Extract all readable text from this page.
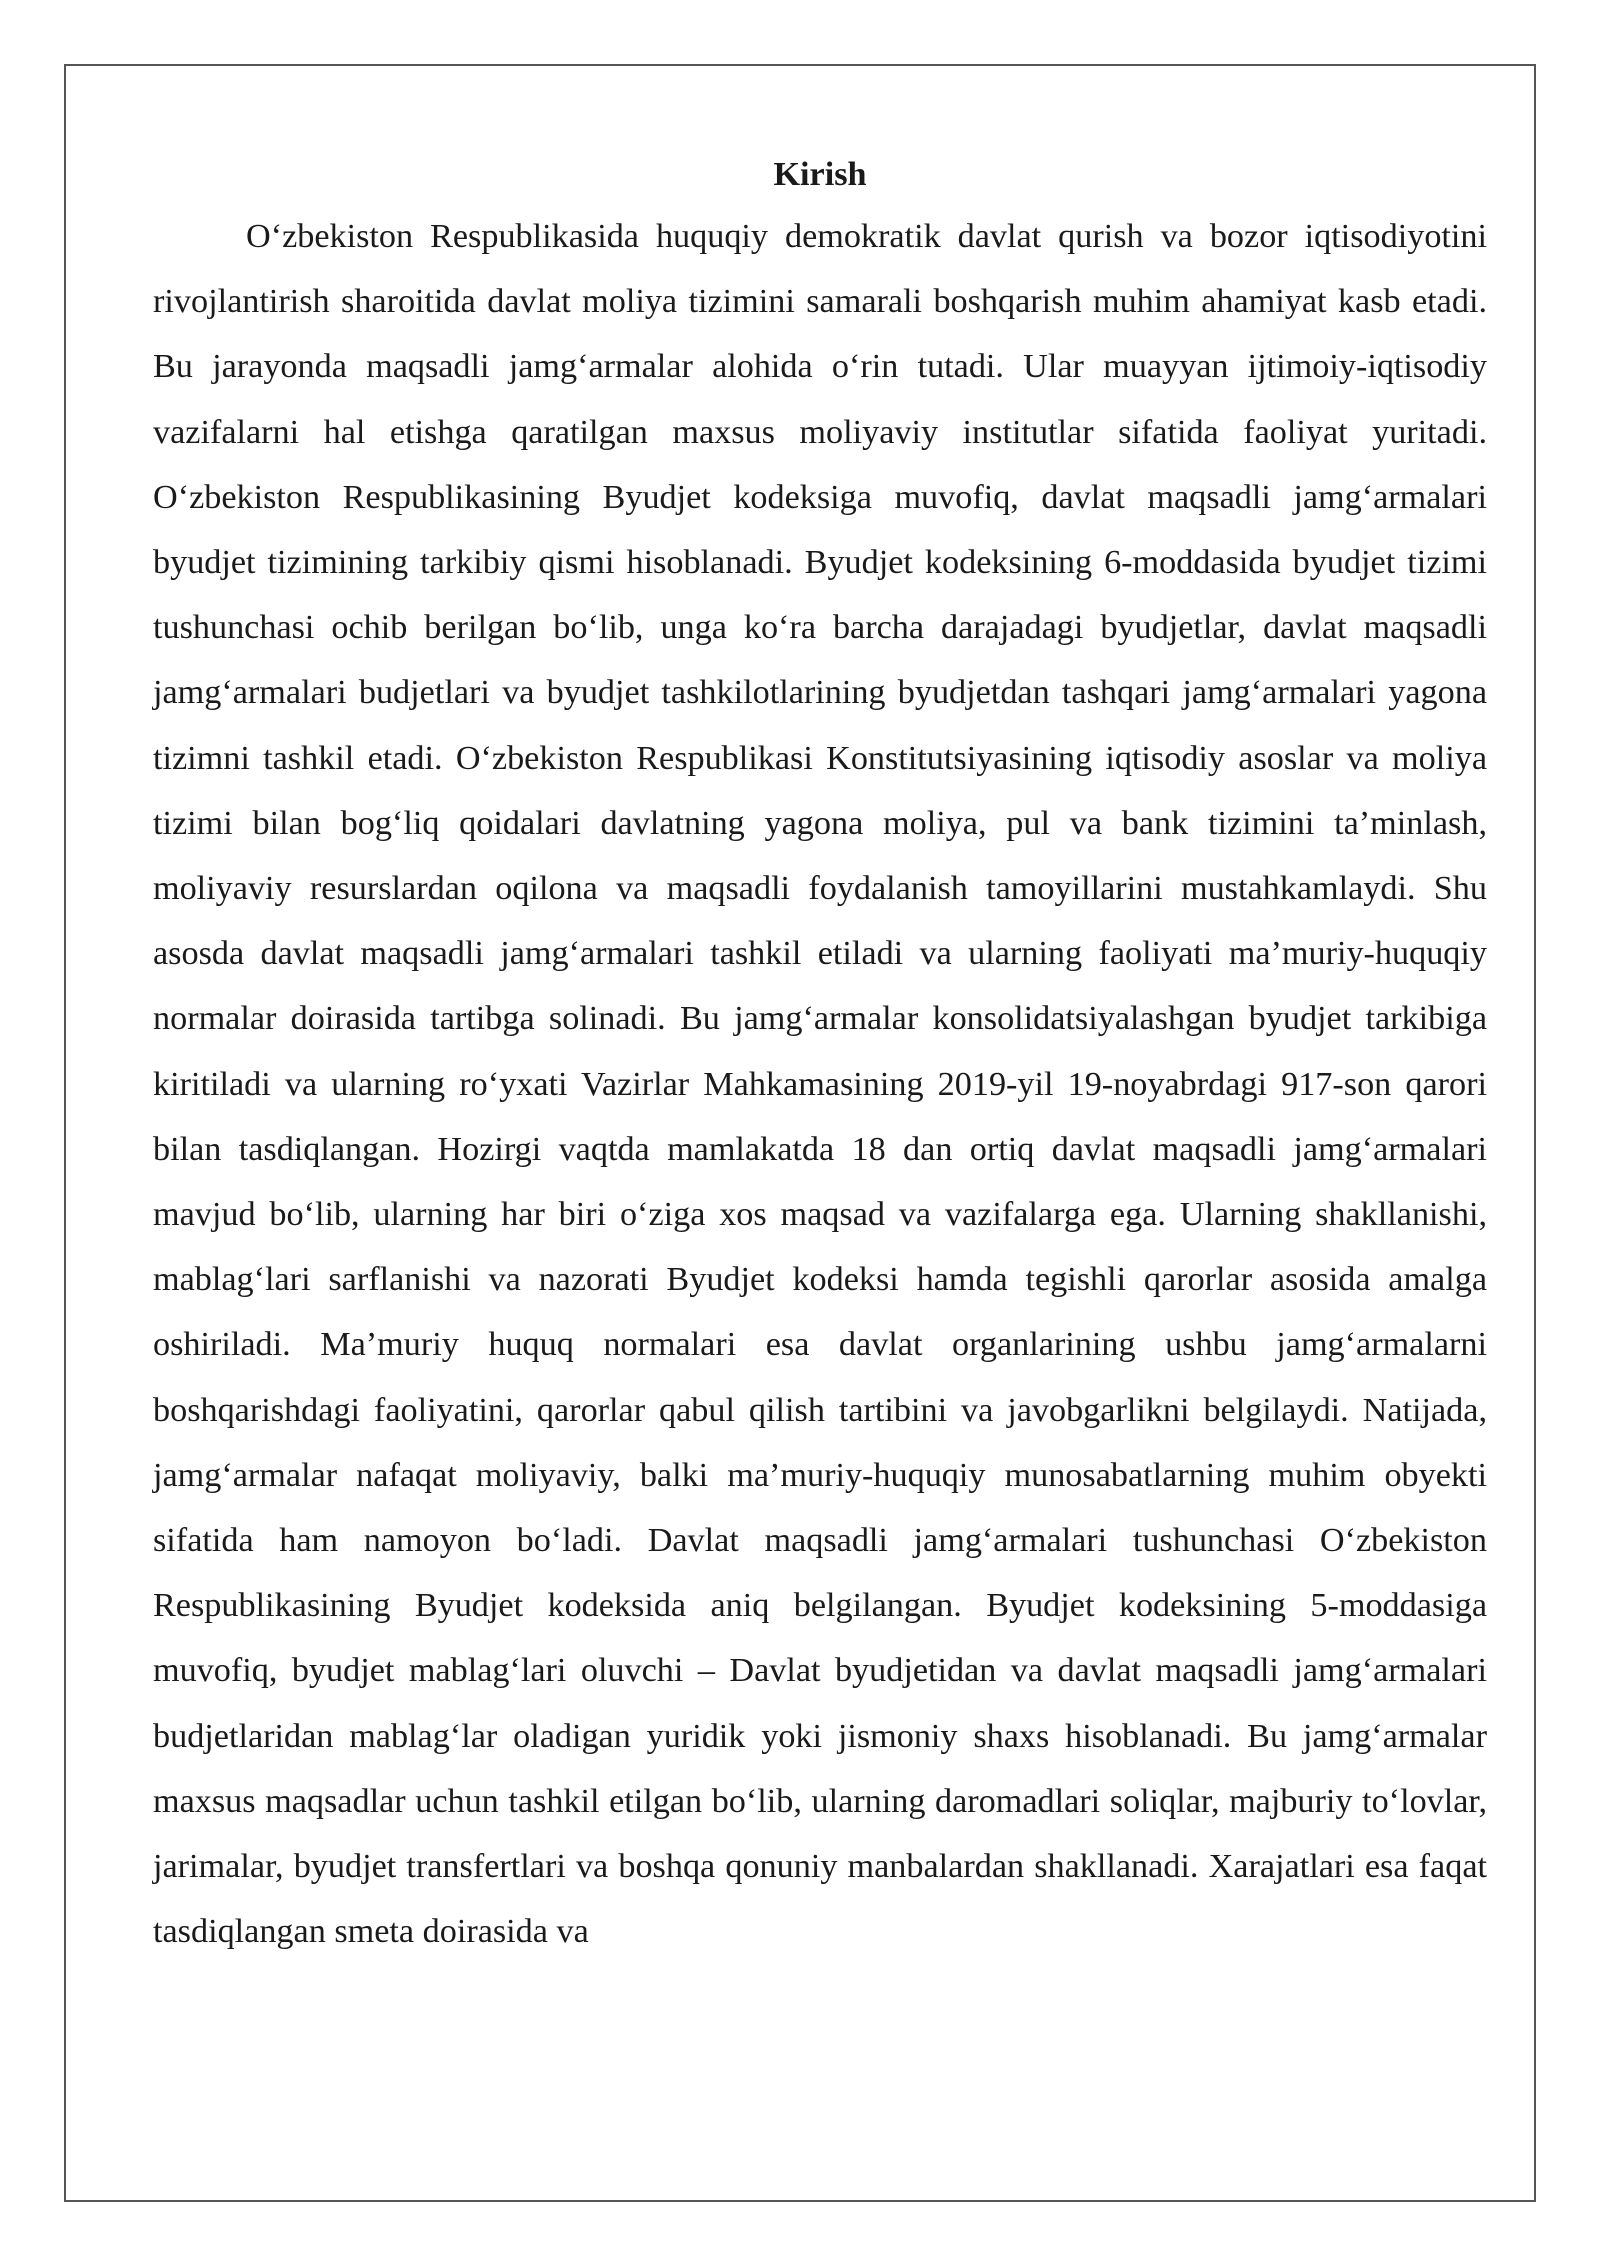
Kirish

O‘zbekiston Respublikasida huquqiy demokratik davlat qurish va bozor iqtisodiyotini rivojlantirish sharoitida davlat moliya tizimini samarali boshqarish muhim ahamiyat kasb etadi. Bu jarayonda maqsadli jamg‘armalar alohida o‘rin tutadi. Ular muayyan ijtimoiy-iqtisodiy vazifalarni hal etishga qaratilgan maxsus moliyaviy institutlar sifatida faoliyat yuritadi. O‘zbekiston Respublikasining Byudjet kodeksiga muvofiq, davlat maqsadli jamg‘armalari byudjet tizimining tarkibiy qismi hisoblanadi. Byudjet kodeksining 6-moddasida byudjet tizimi tushunchasi ochib berilgan bo‘lib, unga ko‘ra barcha darajadagi byudjetlar, davlat maqsadli jamg‘armalari budjetlari va byudjet tashkilotlarining byudjetdan tashqari jamg‘armalari yagona tizimni tashkil etadi. O‘zbekiston Respublikasi Konstitutsiyasining iqtisodiy asoslar va moliya tizimi bilan bog‘liq qoidalari davlatning yagona moliya, pul va bank tizimini ta’minlash, moliyaviy resurslardan oqilona va maqsadli foydalanish tamoyillarini mustahkamlaydi. Shu asosda davlat maqsadli jamg‘armalari tashkil etiladi va ularning faoliyati ma’muriy-huquqiy normalar doirasida tartibga solinadi. Bu jamg‘armalar konsolidatsiyalashgan byudjet tarkibiga kiritiladi va ularning ro‘yxati Vazirlar Mahkamasining 2019-yil 19-noyabrdagi 917-son qarori bilan tasdiqlangan. Hozirgi vaqtda mamlakatda 18 dan ortiq davlat maqsadli jamg‘armalari mavjud bo‘lib, ularning har biri o‘ziga xos maqsad va vazifalarga ega. Ularning shakllanishi, mablag‘lari sarflanishi va nazorati Byudjet kodeksi hamda tegishli qarorlar asosida amalga oshiriladi. Ma’muriy huquq normalari esa davlat organlarining ushbu jamg‘armalarni boshqarishdagi faoliyatini, qarorlar qabul qilish tartibini va javobgarlikni belgilaydi. Natijada, jamg‘armalar nafaqat moliyaviy, balki ma’muriy-huquqiy munosabatlarning muhim obyekti sifatida ham namoyon bo‘ladi. Davlat maqsadli jamg‘armalari tushunchasi O‘zbekiston Respublikasining Byudjet kodeksida aniq belgilangan. Byudjet kodeksining 5-moddasiga muvofiq, byudjet mablag‘lari oluvchi – Davlat byudjetidan va davlat maqsadli jamg‘armalari budjetlaridan mablag‘lar oladigan yuridik yoki jismoniy shaxs hisoblanadi. Bu jamg‘armalar maxsus maqsadlar uchun tashkil etilgan bo‘lib, ularning daromadlari soliqlar, majburiy to‘lovlar, jarimalar, byudjet transfertlari va boshqa qonuniy manbalardan shakllanadi. Xarajatlari esa faqat tasdiqlangan smeta doirasida va
